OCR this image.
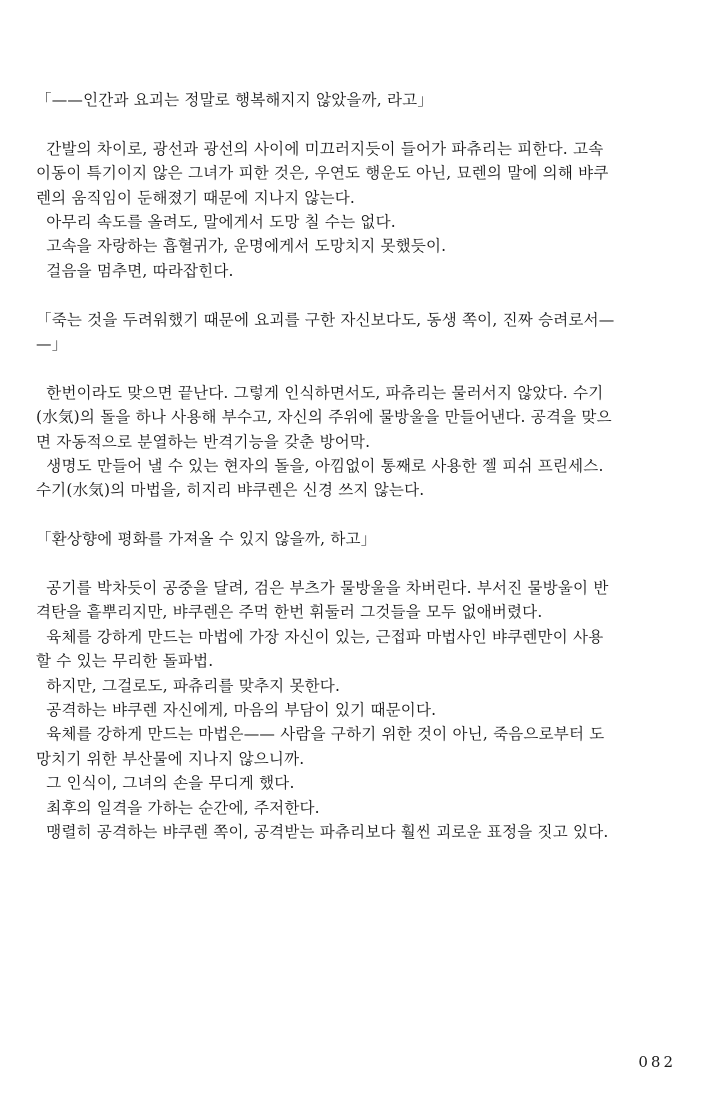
「——인간과 요괴는 정말로 행복해지지 않았을까, 라고」

간발의 차이로, 광선과 광선의 사이에 미끄러지듯이 들어가 파츄리는 피한다. 고속

이동이 특기이지 않은 그녀가 피한 것은, 우연도 행운도 아닌, 묘렌의 말에 의해 뱌쿠

렌의 움직임이 둔해졌기 때문에 지나지 않는다.

아무리 속도를 올려도, 말에게서 도망 칠 수는 없다.

고속을 자랑하는 흡혈귀가, 운명에게서 도망치지 못했듯이.

걸음을 멈추면, 따라잡힌다.

「죽는 것을 두려워했기 때문에 요괴를 구한 자신보다도, 동생 쪽이, 진짜 승려로서—

—」

한번이라도 맞으면 끝난다. 그렇게 인식하면서도, 파츄리는 물러서지 않았다. 수기

(水気)의 돌을 하나 사용해 부수고, 자신의 주위에 물방울을 만들어낸다. 공격을 맞으

면 자동적으로 분열하는 반격기능을 갖춘 방어막.

생명도 만들어 낼 수 있는 현자의 돌을, 아낌없이 통째로 사용한 젤 피쉬 프린세스.

수기(水気)의 마법을, 히지리 뱌쿠렌은 신경 쓰지 않는다.

「환상향에 평화를 가져올 수 있지 않을까, 하고」

공기를 박차듯이 공중을 달려, 검은 부츠가 물방울을 차버린다. 부서진 물방울이 반

격탄을 흩뿌리지만, 뱌쿠렌은 주먹 한번 휘둘러 그것들을 모두 없애버렸다.

육체를 강하게 만드는 마법에 가장 자신이 있는, 근접파 마법사인 뱌쿠렌만이 사용

할 수 있는 무리한 돌파법.

하지만, 그걸로도, 파츄리를 맞추지 못한다.

공격하는 뱌쿠렌 자신에게, 마음의 부담이 있기 때문이다.

육체를 강하게 만드는 마법은—— 사람을 구하기 위한 것이 아닌, 죽음으로부터 도

망치기 위한 부산물에 지나지 않으니까.

그 인식이, 그녀의 손을 무디게 했다.

최후의 일격을 가하는 순간에, 주저한다.

맹렬히 공격하는 뱌쿠렌 쪽이, 공격받는 파츄리보다 훨씬 괴로운 표정을 짓고 있다.

082
